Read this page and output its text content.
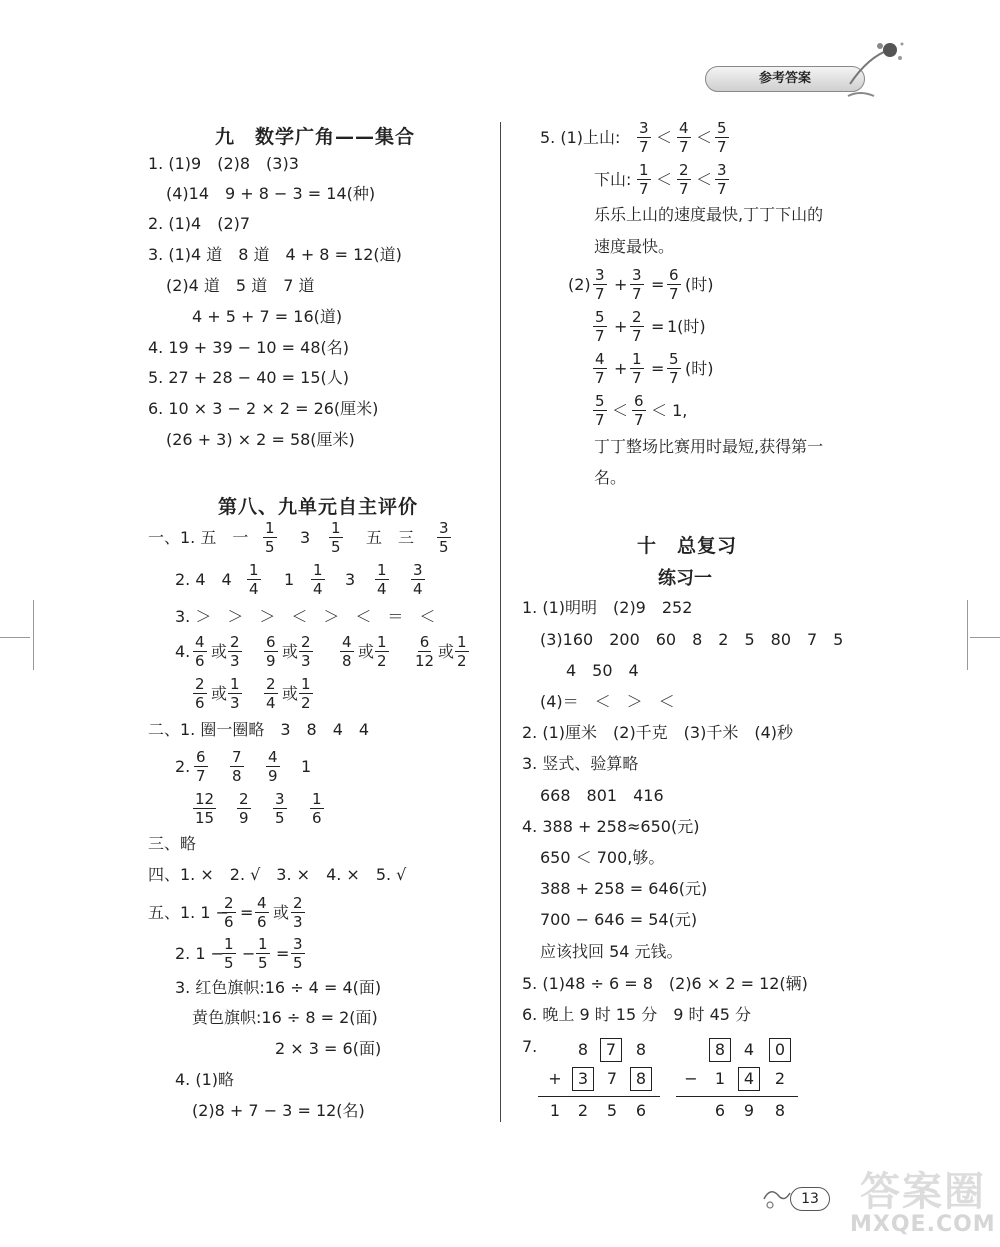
参考答案
九　数学广角——集合
1. (1)9　(2)8　(3)3
(4)14　9 + 8 − 3 = 14(种)
2. (1)4　(2)7
3. (1)4 道　8 道　4 + 8 = 12(道)
(2)4 道　5 道　7 道
4 + 5 + 7 = 16(道)
4. 19 + 39 − 10 = 48(名)
5. 27 + 28 − 40 = 15(人)
6. 10 × 3 − 2 × 2 = 26(厘米)
(26 + 3) × 2 = 58(厘米)
第八、九单元自主评价
一、1. 五　一 $\frac{1}{5} 3 \frac{1}{5}$ 五　三 $\frac{3}{5}$
2. 4　$4 \frac{1}{4} 1 \frac{1}{4} 3 \frac{1}{4} \frac{3}{4}$
3. ＞　＞　＞　＜　＞　＜　＝　＜
4. $\frac{4}{6}$ 或 $\frac{2}{3} \frac{6}{9}$ 或 $\frac{2}{3} \frac{4}{8}$ 或 $\frac{1}{2} \frac{6}{12}$ 或 $\frac{1}{2}$
$\frac{2}{6}$ 或 $\frac{1}{3} \frac{2}{4}$ 或 $\frac{1}{2}$
二、1. 圈一圈略　3　8　4　4
2. $\frac{6}{7} \frac{7}{8} \frac{4}{9} 1$
$\frac{12}{15} \frac{2}{9} \frac{3}{5} \frac{1}{6}$
三、略
四、1. ×　2. √　3. ×　4. ×　5. √
五、1. 1 −
$\frac{2}{6} = \frac{4}{6}$ 或 $\frac{2}{3}$
2. 1 −
$\frac{1}{5} - \frac{1}{5} = \frac{3}{5}$
3. 红色旗帜:16 ÷ 4 = 4(面)
黄色旗帜:16 ÷ 8 = 2(面)
2 × 3 = 6(面)
4. (1)略
(2)8 + 7 − 3 = 12(名)
5. (1)上山: $\frac{3}{7} < \frac{4}{7} < \frac{5}{7}$
下山: $\frac{1}{7} < \frac{2}{7} < \frac{3}{7}$
乐乐上山的速度最快,丁丁下山的
速度最快。
$(2) \frac{3}{7} + \frac{3}{7} = \frac{6}{7}$ (时)
$\frac{5}{7} + \frac{2}{7} = 1$(时)
$\frac{4}{7} + \frac{1}{7} = \frac{5}{7}$ (时)
$\frac{5}{7} < \frac{6}{7} < 1$,
丁丁整场比赛用时最短,获得第一
名。
十　总复习
练习一
1. (1)明明　(2)9　252
(3)160　200　60　8　2　5　80　7　5
4　50　4
(4)＝　＜　＞　＜
2. (1)厘米　(2)千克　(3)千米　(4)秒
3. 竖式、验算略
668　801　416
4. 388 + 258≈650(元)
650 ＜ 700,够。
388 + 258 = 646(元)
700 − 646 = 54(元)
应该找回 54 元钱。
5. (1)48 ÷ 6 = 8　(2)6 × 2 = 12(辆)
6. 晚上 9 时 15 分　9 时 45 分
7.	8	7	8
+	3	7	8
1	2	5	6
8	4	0
−	1	4	2
6	9	8
13 答案圈
MXQE.COM
